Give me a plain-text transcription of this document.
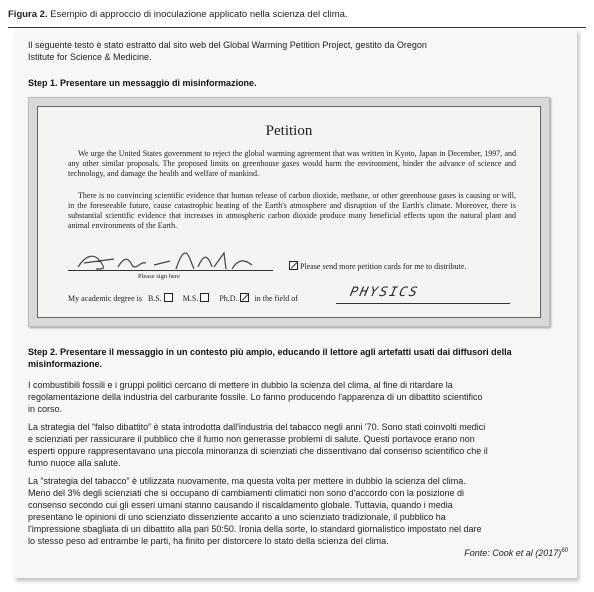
Figura 2. Esempio di approccio di inoculazione applicato nella scienza del clima.
Il seguente testo è stato estratto dal sito web del Global Warming Petition Project, gestito da Oregon
Istitute for Science & Medicine.
Step 1. Presentare un messaggio di misinformazione.
Petition
We urge the United States government to reject the global warming agreement that was written in Kyoto, Japan in December, 1997, and any other similar proposals. The proposed limits on greenhouse gases would harm the environment, hinder the advance of science and technology, and damage the health and welfare of mankind.
There is no convincing scientific evidence that human release of carbon dioxide, methane, or other greenhouse gases is causing or will, in the foreseeable future, cause catastrophic heating of the Earth's atmosphere and disruption of the Earth's climate. Moreover, there is substantial scientific evidence that increases in atmospheric carbon dioxide produce many beneficial effects upon the natural plant and animal environments of the Earth.
Please sign here
Please send more petition cards for me to distribute.
My academic degree is B.S.	M.S.	Ph.D. in the field of	PHYSICS
Step 2. Presentare il messaggio in un contesto più ampio, educando il lettore agli artefatti usati dai diffusori della
misinformazione.
I combustibili fossili e i gruppi politici cercano di mettere in dubbio la scienza del clima, al fine di ritardare la
regolamentazione della industria del carburante fossile. Lo fanno producendo l'apparenza di un dibattito scientifico
in corso.
La strategia del “falso dibattito” è stata introdotta dall'industria del tabacco negli anni '70. Sono stati coinvolti medici
e scienziati per rassicurare il pubblico che il fumo non generasse problemi di salute. Questi portavoce erano non
esperti oppure rappresentavano una piccola minoranza di scienziati che dissentivano dal consenso scientifico che il
fumo nuoce alla salute.
La “strategia del tabacco” è utilizzata nuovamente, ma questa volta per mettere in dubbio la scienza del clima.
Meno del 3% degli scienziati che si occupano di cambiamenti climatici non sono d'accordo con la posizione di
consenso secondo cui gli esseri umani stanno causando il riscaldamento globale. Tuttavia, quando i media
presentano le opinioni di uno scienziato dissenziente accanto a uno scienziato tradizionale, il pubblico ha
l'impressione sbagliata di un dibattito alla pari 50:50. Ironia della sorte, lo standard giornalistico impostato nel dare
lo stesso peso ad entrambe le parti, ha finito per distorcere lo stato della scienza del clima.
Fonte: Cook et al $(2017)^{60}$
